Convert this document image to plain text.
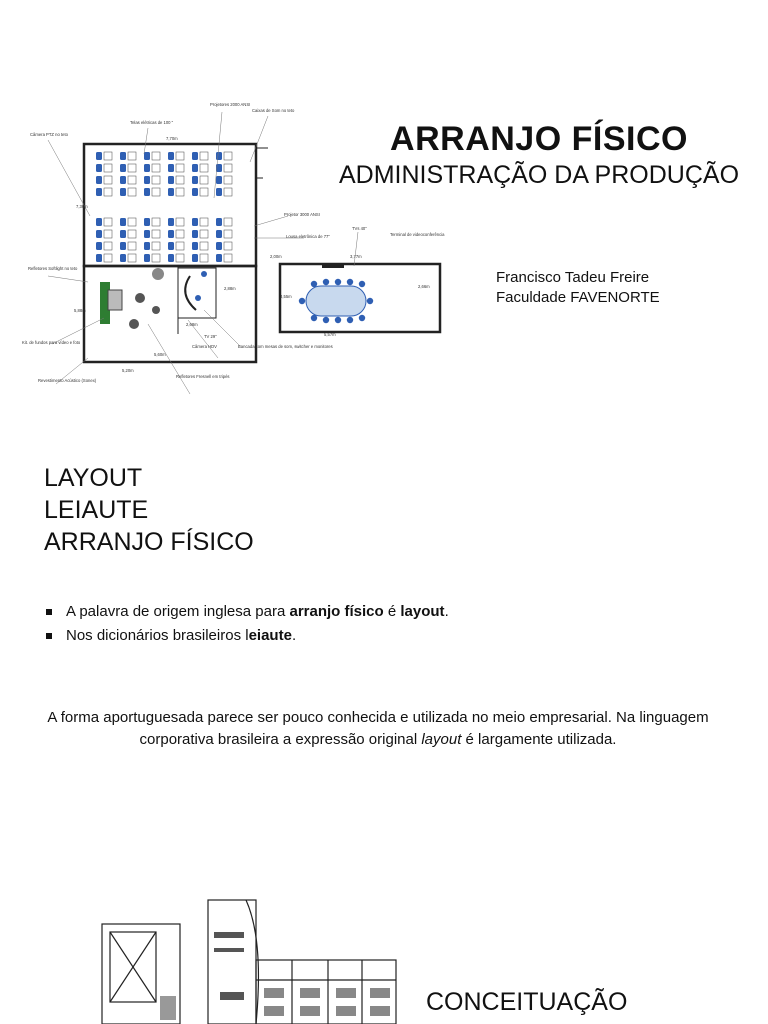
Projetores 2000 ANSI
Caixas de Som no teto
Telas elétricas de 100 "
Câmera PTZ no teto
7,70m
7,30m
Projetor 3000 ANSI
TVs 40"
Terminal de videoconferência
Lousa eletrônica de 77"
2,00m	3,77m
Refletores Softlight no teto
2,88m
3,55m
2,66m
5,88m
2,68m
5,57m
TV 29"
Kit. de fundos para vídeo e foto
Câmera HDV	Bancada com mesas de som, switcher e monitores
5,20m
Revestimento Acústico (Sonex)
Refletores Fresnell em tripés
5,60m
ARRANJO FÍSICO
ADMINISTRAÇÃO DA PRODUÇÃO
Francisco Tadeu Freire
Faculdade FAVENORTE
LAYOUT
LEIAUTE
ARRANJO FÍSICO
A palavra de origem inglesa para arranjo físico é layout.
Nos dicionários brasileiros leiaute.

A forma aportuguesada parece ser pouco conhecida e utilizada no meio empresarial. Na linguagem corporativa brasileira a expressão original layout é largamente utilizada.

CONCEITUAÇÃO
